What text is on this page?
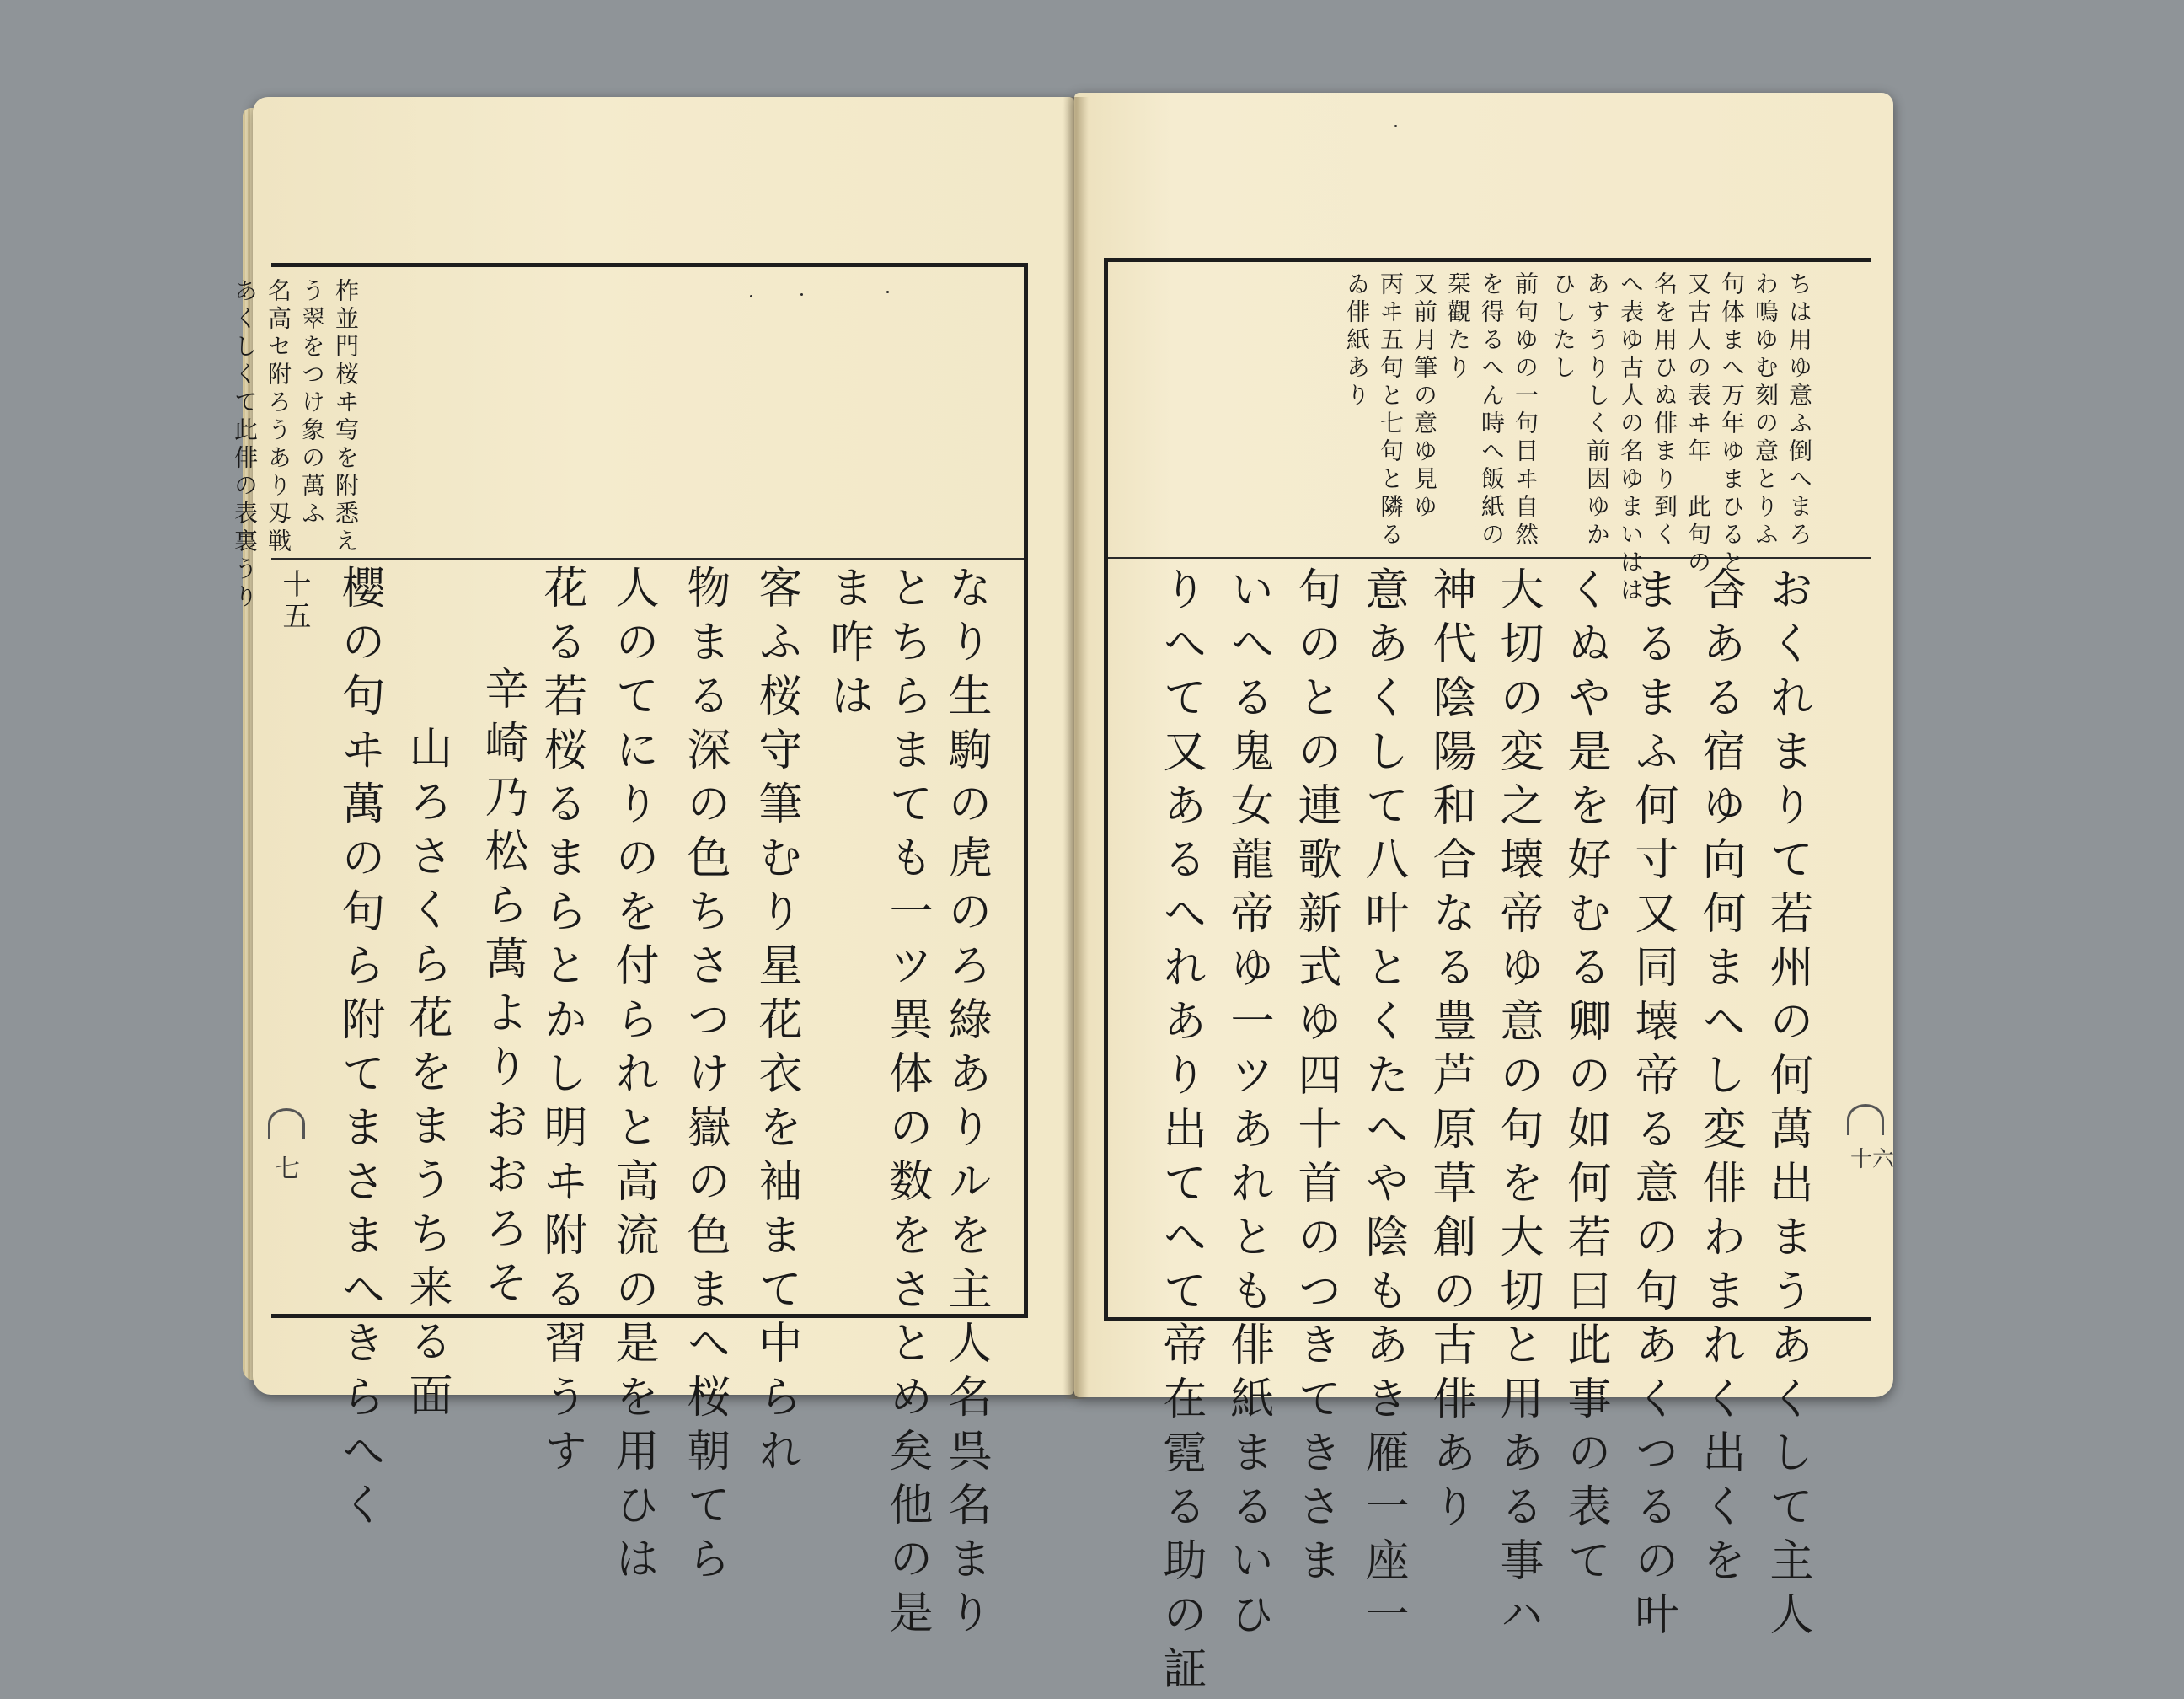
柞並門桜ヰ㝍を附悉え
う翠をつけ象の萬ふ
名高セ附ろうあり刄戦
あくしくて此俳の表裏うり
なり生駒の虎のろ綠ありルを主人名呉名まり
とちらまても一ツ異体の数をさとめ矣他の是
ま咋は
客ふ桜守筆むり星花衣を袖まて中られ
物まる深の色ちさつけ嶽の色まへ桜朝てら
人のてにりのを付られと高流の是を用ひは
花る若桜るまらとかし明ヰ附る習うす
辛崎乃松ら萬よりおおろそ
山ろさくら花をまうち来る面
櫻の句ヰ萬の句ら附てまさまへきらへく
十五
七
ちは用ゆ意ふ倒へまろ
わ嗚ゆむ刻の意とりふ
句体まへ万年ゆまひるとへ
又古人の表ヰ年　此句の
名を用ひぬ俳まり到く
へ表ゆ古人の名ゆまいはは
あすうりしく前因ゆか
ひしたし
前句ゆの一句目ヰ自然
を得るへん時へ飯紙の
栞觀たり
又前月筆の意ゆ見ゆ
丙ヰ五句と七句と隣る
ゐ俳紙あり
おくれまりて若州の何萬出まうあくして主人
合ある宿ゆ向何まへし変俳わまれく出くを
まるまふ何寸又同壊帝る意の句あくつるの叶
くぬや是を好むる卿の如何若曰此事の表て
大切の変之壊帝ゆ意の句を大切と用ある事ハ
神代陰陽和合なる豊芦原草創の古俳あり
意あくして八叶とくたへや陰もあき雁一座一
句のとの連歌新式ゆ四十首のつきてきさま
いへる鬼女龍帝ゆ一ツあれとも俳紙まるいひ
りへて又あるへれあり出てへて帝在霓る助の証	十六
